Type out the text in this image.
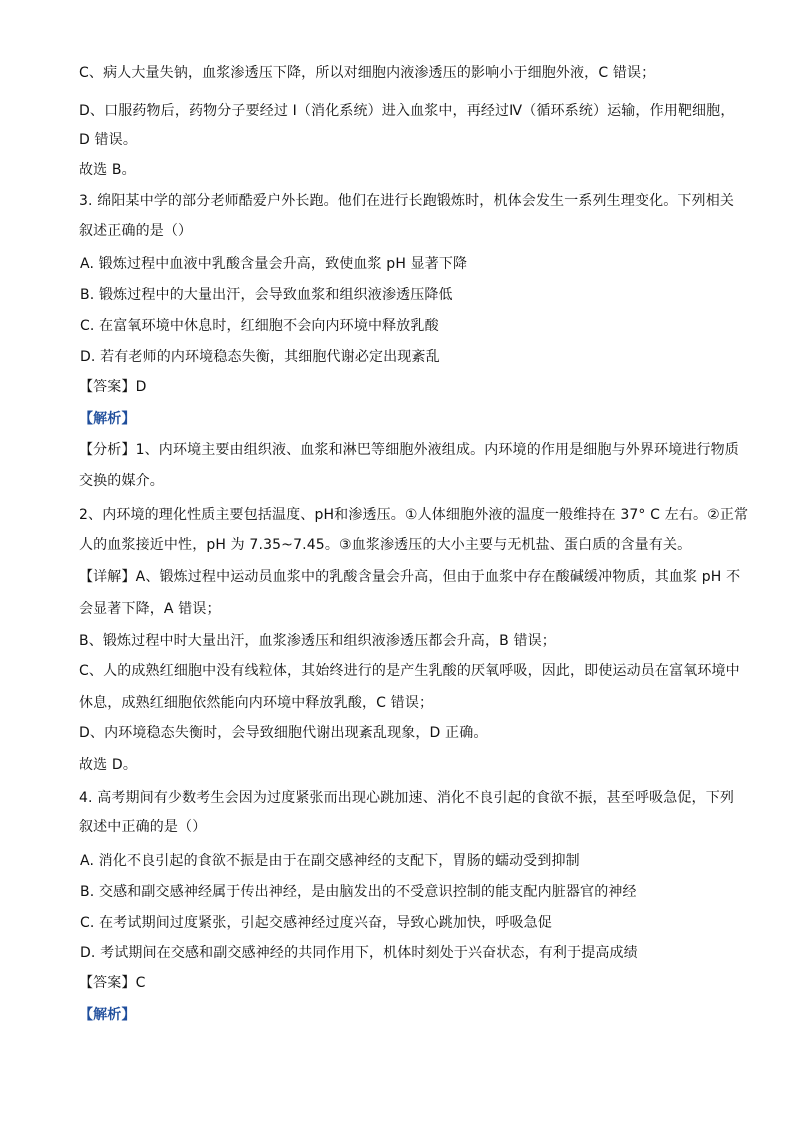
C、病人大量失钠，血浆渗透压下降，所以对细胞内液渗透压的影响小于细胞外液，C 错误；
D、口服药物后，药物分子要经过 I（消化系统）进入血浆中，再经过Ⅳ（循环系统）运输，作用靶细胞，
D 错误。
故选 B。
3. 绵阳某中学的部分老师酷爱户外长跑。他们在进行长跑锻炼时，机体会发生一系列生理变化。下列相关
叙述正确的是（）
A. 锻炼过程中血液中乳酸含量会升高，致使血浆 pH 显著下降
B. 锻炼过程中的大量出汗，会导致血浆和组织液渗透压降低
C. 在富氧环境中休息时，红细胞不会向内环境中释放乳酸
D. 若有老师的内环境稳态失衡，其细胞代谢必定出现紊乱
【答案】D
【解析】
【分析】1、内环境主要由组织液、血浆和淋巴等细胞外液组成。内环境的作用是细胞与外界环境进行物质
交换的媒介。
2、内环境的理化性质主要包括温度、pH和渗透压。①人体细胞外液的温度一般维持在 37° C 左右。②正常
人的血浆接近中性，pH 为 7.35~7.45。③血浆渗透压的大小主要与无机盐、蛋白质的含量有关。
【详解】A、锻炼过程中运动员血浆中的乳酸含量会升高，但由于血浆中存在酸碱缓冲物质，其血浆 pH 不
会显著下降，A 错误；
B、锻炼过程中时大量出汗，血浆渗透压和组织液渗透压都会升高，B 错误；
C、人的成熟红细胞中没有线粒体，其始终进行的是产生乳酸的厌氧呼吸，因此，即使运动员在富氧环境中
休息，成熟红细胞依然能向内环境中释放乳酸，C 错误；
D、内环境稳态失衡时，会导致细胞代谢出现紊乱现象，D 正确。
故选 D。
4. 高考期间有少数考生会因为过度紧张而出现心跳加速、消化不良引起的食欲不振，甚至呼吸急促，下列
叙述中正确的是（）
A. 消化不良引起的食欲不振是由于在副交感神经的支配下，胃肠的蠕动受到抑制
B. 交感和副交感神经属于传出神经，是由脑发出的不受意识控制的能支配内脏器官的神经
C. 在考试期间过度紧张，引起交感神经过度兴奋，导致心跳加快，呼吸急促
D. 考试期间在交感和副交感神经的共同作用下，机体时刻处于兴奋状态，有利于提高成绩
【答案】C
【解析】
